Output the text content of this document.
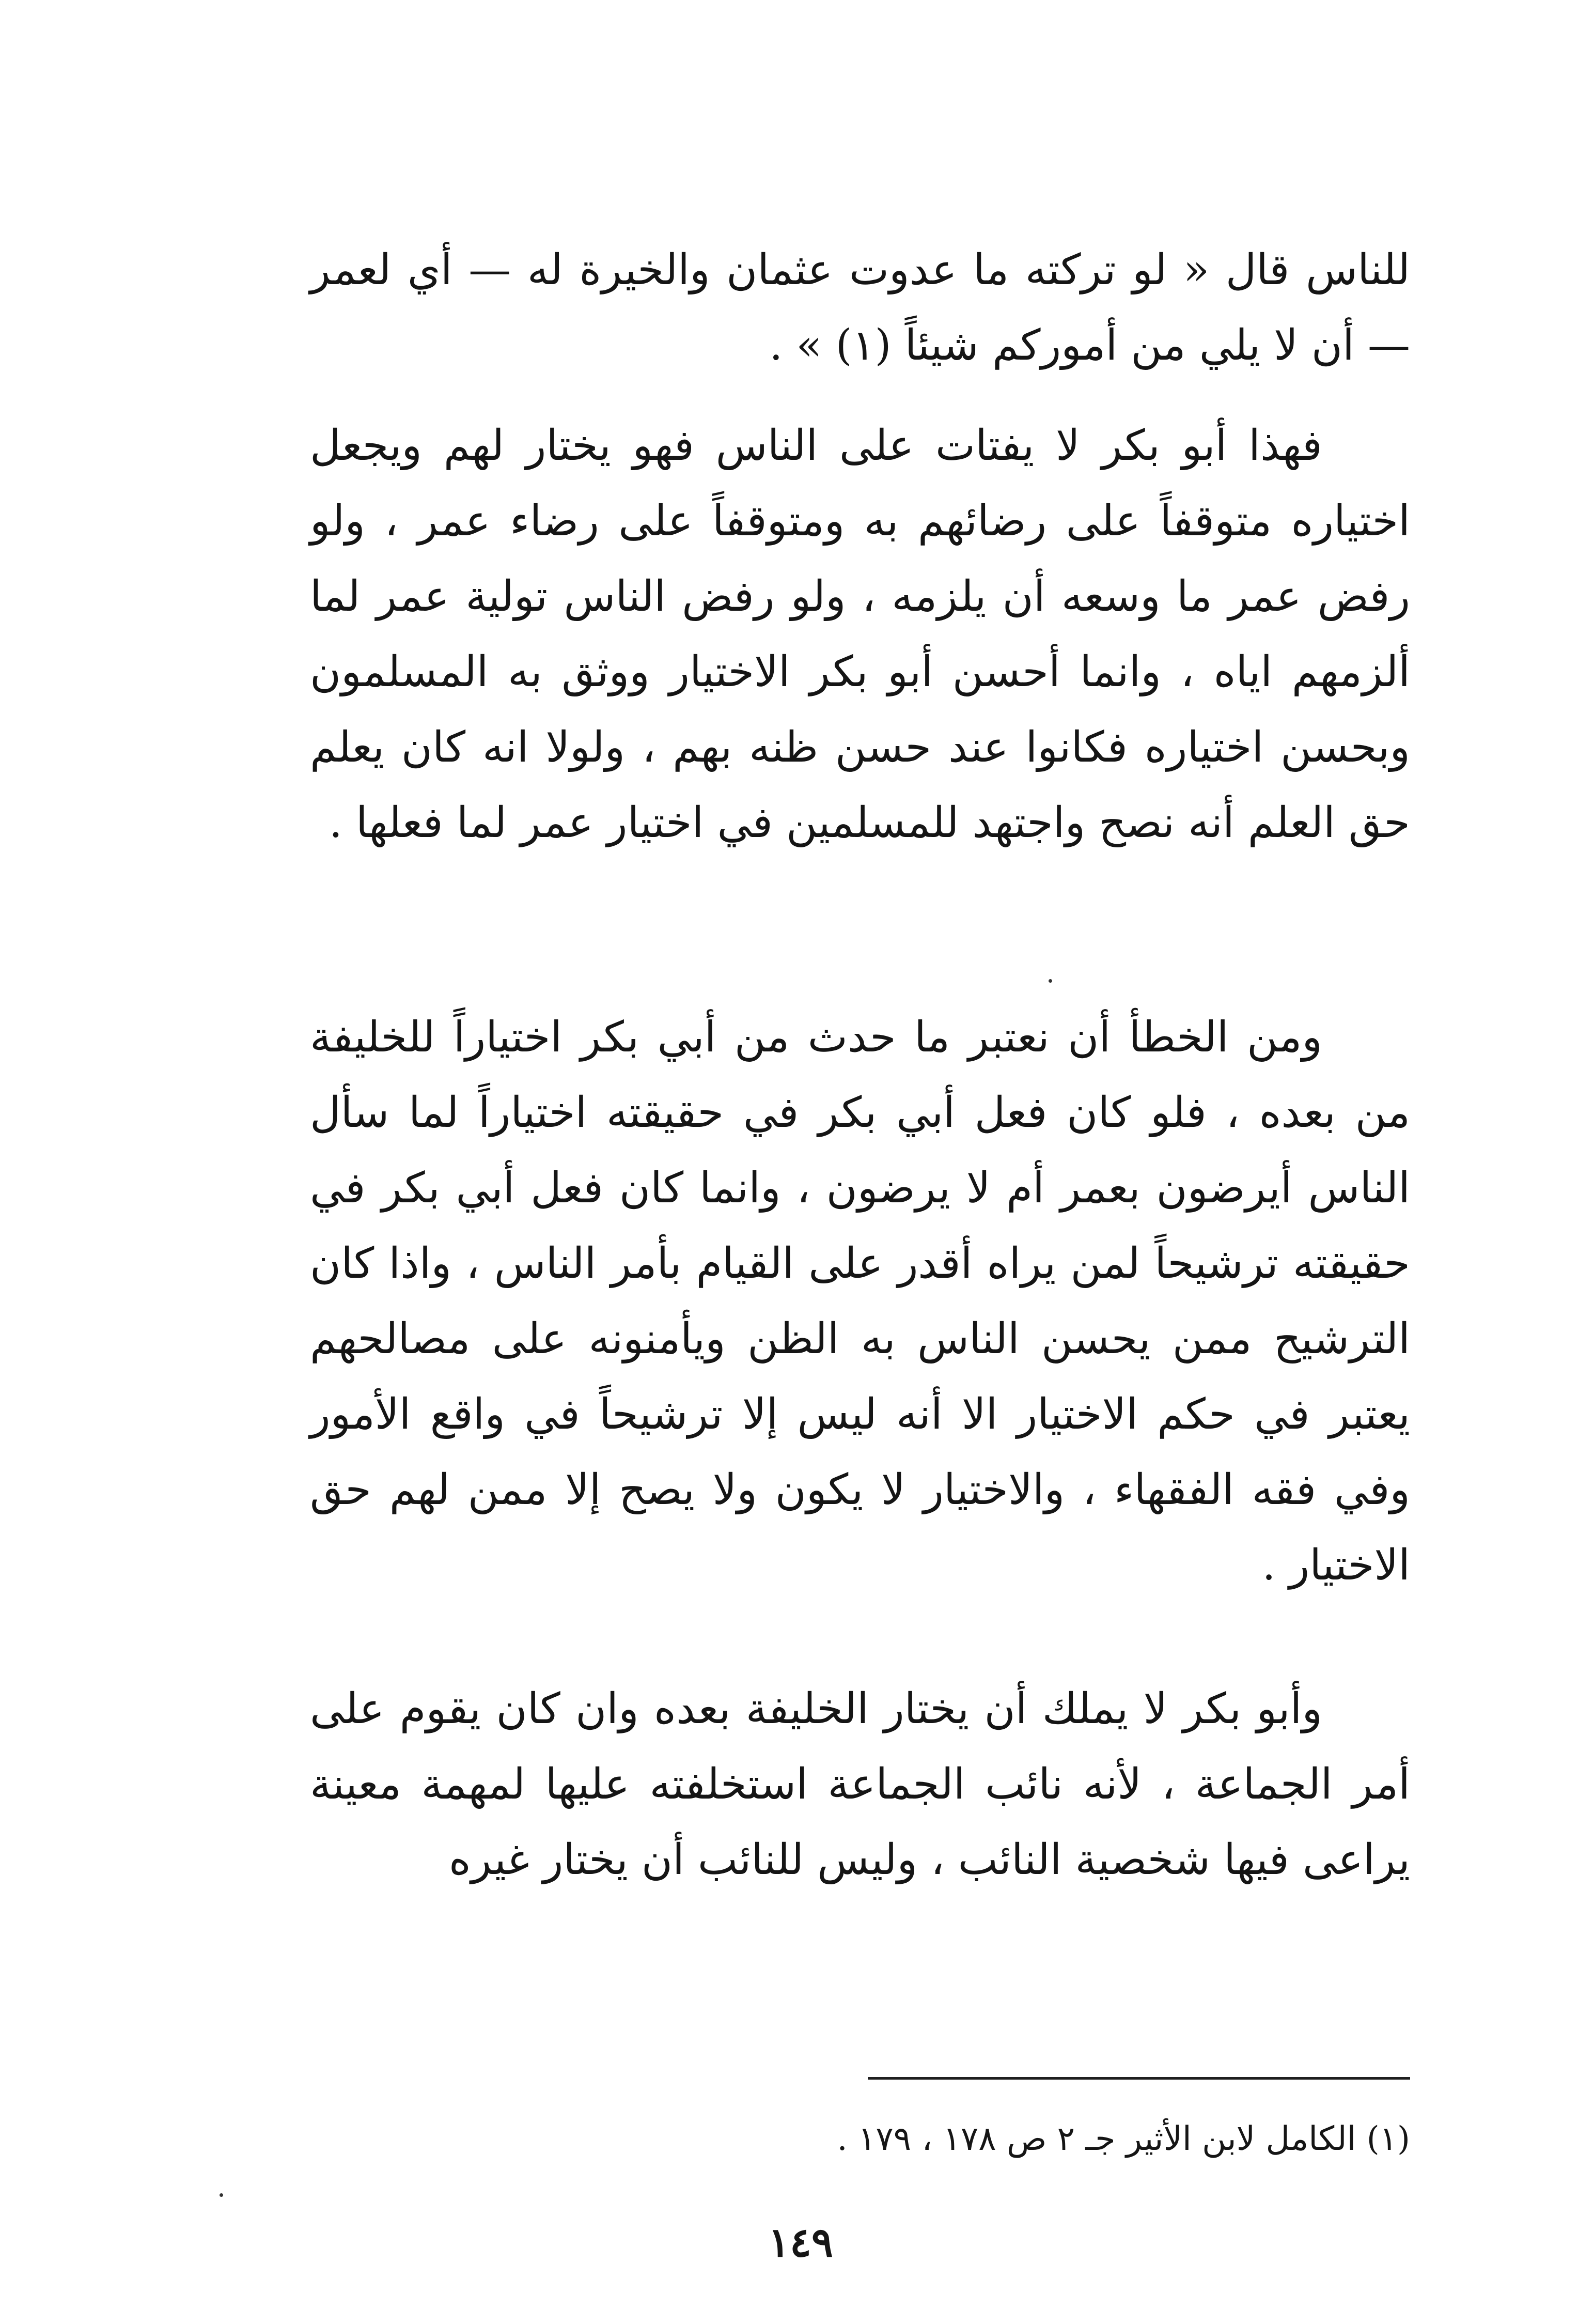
للناس قال « لو تركته ما عدوت عثمان والخيرة له — أي لعمر — أن لا يلي من أموركم شيئاً (١) » .

فهذا أبو بكر لا يفتات على الناس فهو يختار لهم ويجعل اختياره متوقفاً على رضائهم به ومتوقفاً على رضاء عمر ، ولو رفض عمر ما وسعه أن يلزمه ، ولو رفض الناس تولية عمر لما ألزمهم اياه ، وانما أحسن أبو بكر الاختيار ووثق به المسلمون وبحسن اختياره فكانوا عند حسن ظنه بهم ، ولولا انه كان يعلم حق العلم أنه نصح واجتهد للمسلمين في اختيار عمر لما فعلها .

ومن الخطأ أن نعتبر ما حدث من أبي بكر اختياراً للخليفة من بعده ، فلو كان فعل أبي بكر في حقيقته اختياراً لما سأل الناس أيرضون بعمر أم لا يرضون ، وانما كان فعل أبي بكر في حقيقته ترشيحاً لمن يراه أقدر على القيام بأمر الناس ، واذا كان الترشيح ممن يحسن الناس به الظن ويأمنونه على مصالحهم يعتبر في حكم الاختيار الا أنه ليس إلا ترشيحاً في واقع الأمور وفي فقه الفقهاء ، والاختيار لا يكون ولا يصح إلا ممن لهم حق الاختيار .

وأبو بكر لا يملك أن يختار الخليفة بعده وان كان يقوم على أمر الجماعة ، لأنه نائب الجماعة استخلفته عليها لمهمة معينة يراعى فيها شخصية النائب ، وليس للنائب أن يختار غيره

(١) الكامل لابن الأثير جـ ٢ ص ١٧٨ ، ١٧٩ .

١٤٩
